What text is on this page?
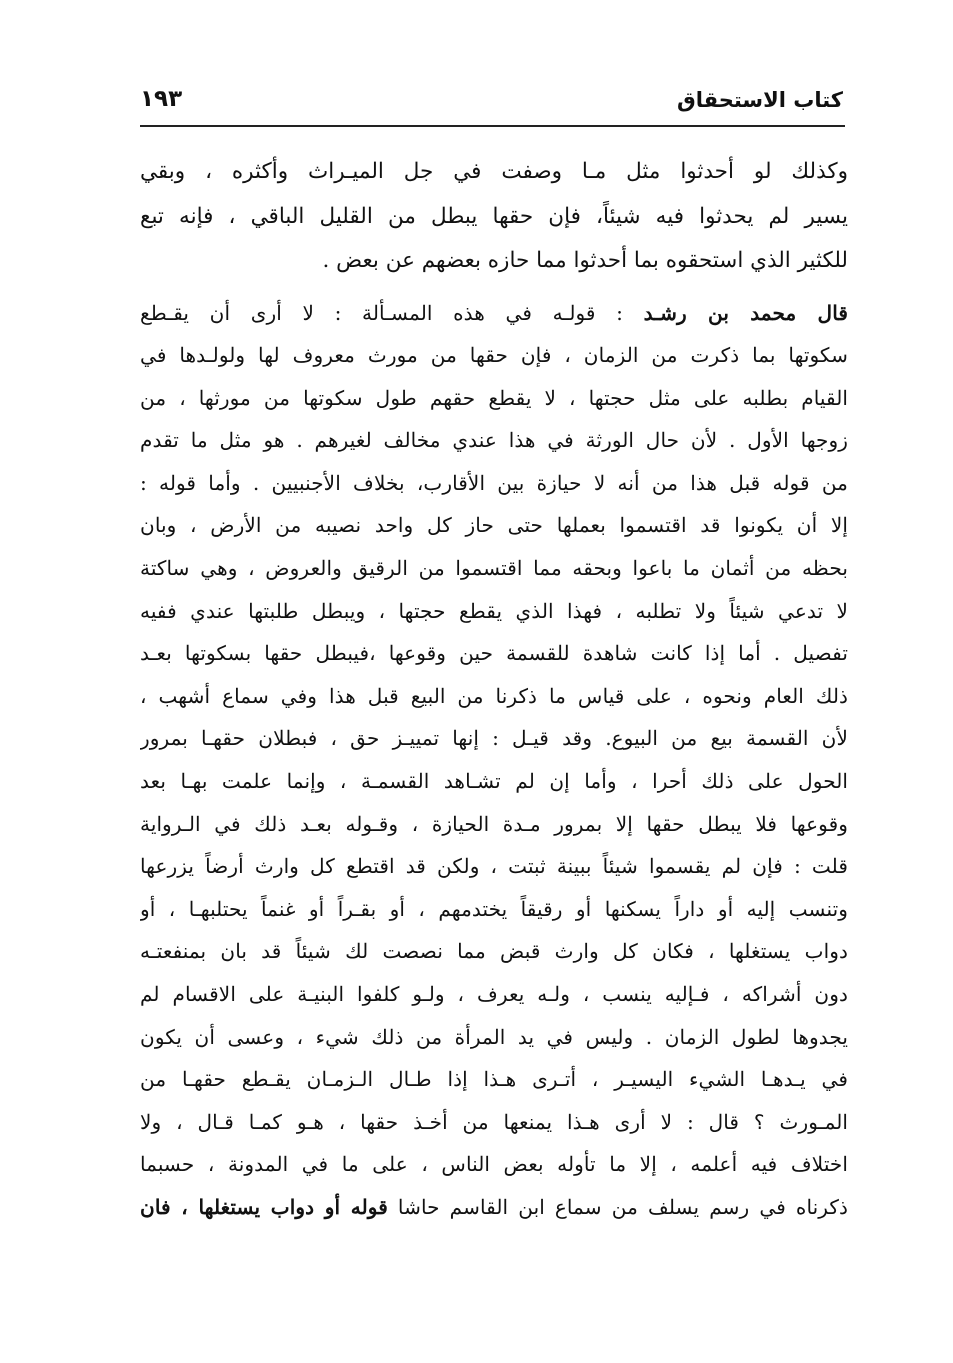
كتاب الاستحقاق
١٩٣
وكذلك لو أحدثوا مثل مـا وصفت في جل الميـراث وأكثره ، وبقي
يسير لم يحدثوا فيه شيئاً، فإن حقها يبطل من القليل الباقي ، فإنه تبع
للكثير الذي استحقوه بما أحدثوا مما حازه بعضهم عن بعض .
قال محمد بن رشـد : قولـه في هذه المسـألة : لا أرى أن يقـطع
سكوتها بما ذكرت من الزمان ، فإن حقها من مورث معروف لها ولولـدها في
القيام بطلبه على مثل حجتها ، لا يقطع حقهم طول سكوتها من مورثها ، من
زوجها الأول . لأن حال الورثة في هذا عندي مخالف لغيرهم . هو مثل ما تقدم
من قوله قبل هذا من أنه لا حيازة بين الأقارب، بخلاف الأجنبيين . وأما قوله :
إلا أن يكونوا قد اقتسموا بعملها حتى حاز كل واحد نصيبه من الأرض ، وبان
بحظه من أثمان ما باعوا وبحقه مما اقتسموا من الرقيق والعروض ، وهي ساكتة
لا تدعي شيئاً ولا تطلبه ، فهذا الذي يقطع حجتها ، ويبطل طلبتها عندي ففيه
تفصيل . أما إذا كانت شاهدة للقسمة حين وقوعها ،فيبطل حقها بسكوتها بعـد
ذلك العام ونحوه ، على قياس ما ذكرنا من البيع قبل هذا وفي سماع أشهب ،
لأن القسمة بيع من البيوع. وقد قيـل : إنها تمييـز حق ، فبطلان حقهـا بمرور
الحول على ذلك أحرا ، وأما إن لم تشـاهد القسمـة ، وإنما علمت بهـا بعد
وقوعها فلا يبطل حقها إلا بمرور مـدة الحيازة ، وقـوله بعـد ذلك في الـرواية
قلت : فإن لم يقسموا شيئاً ببينة ثبتت ، ولكن قد اقتطع كل وارث أرضاً يزرعها
وتنسب إليه أو داراً يسكنها أو رقيقاً يختدمهم ، أو بقـراً أو غنماً يحتلبهـا ، أو
دواب يستغلها ، فكان كل وارث قبض مما نصصت لك شيئاً قد بان بمنفعتـه
دون أشراكه ، فـإليه ينسب ، ولـه يعرف ، ولـو كلفوا البنيـة على الاقسام لم
يجدوها لطول الزمان . وليس في يد المرأة من ذلك شيء ، وعسى أن يكون
في يـدهـا الشيء اليسيـر ، أتـرى هـذا إذا طـال الـزمـان يقـطع حقهـا من
المـورث ؟ قال : لا أرى هـذا يمنعها من أخـذ حقها ، هـو كمـا قـال ، ولا
اختلاف فيه أعلمه ، إلا ما تأوله بعض الناس ، على ما في المدونة ، حسبما
ذكرناه في رسم يسلف من سماع ابن القاسم حاشا قوله أو دواب يستغلها ، فان
